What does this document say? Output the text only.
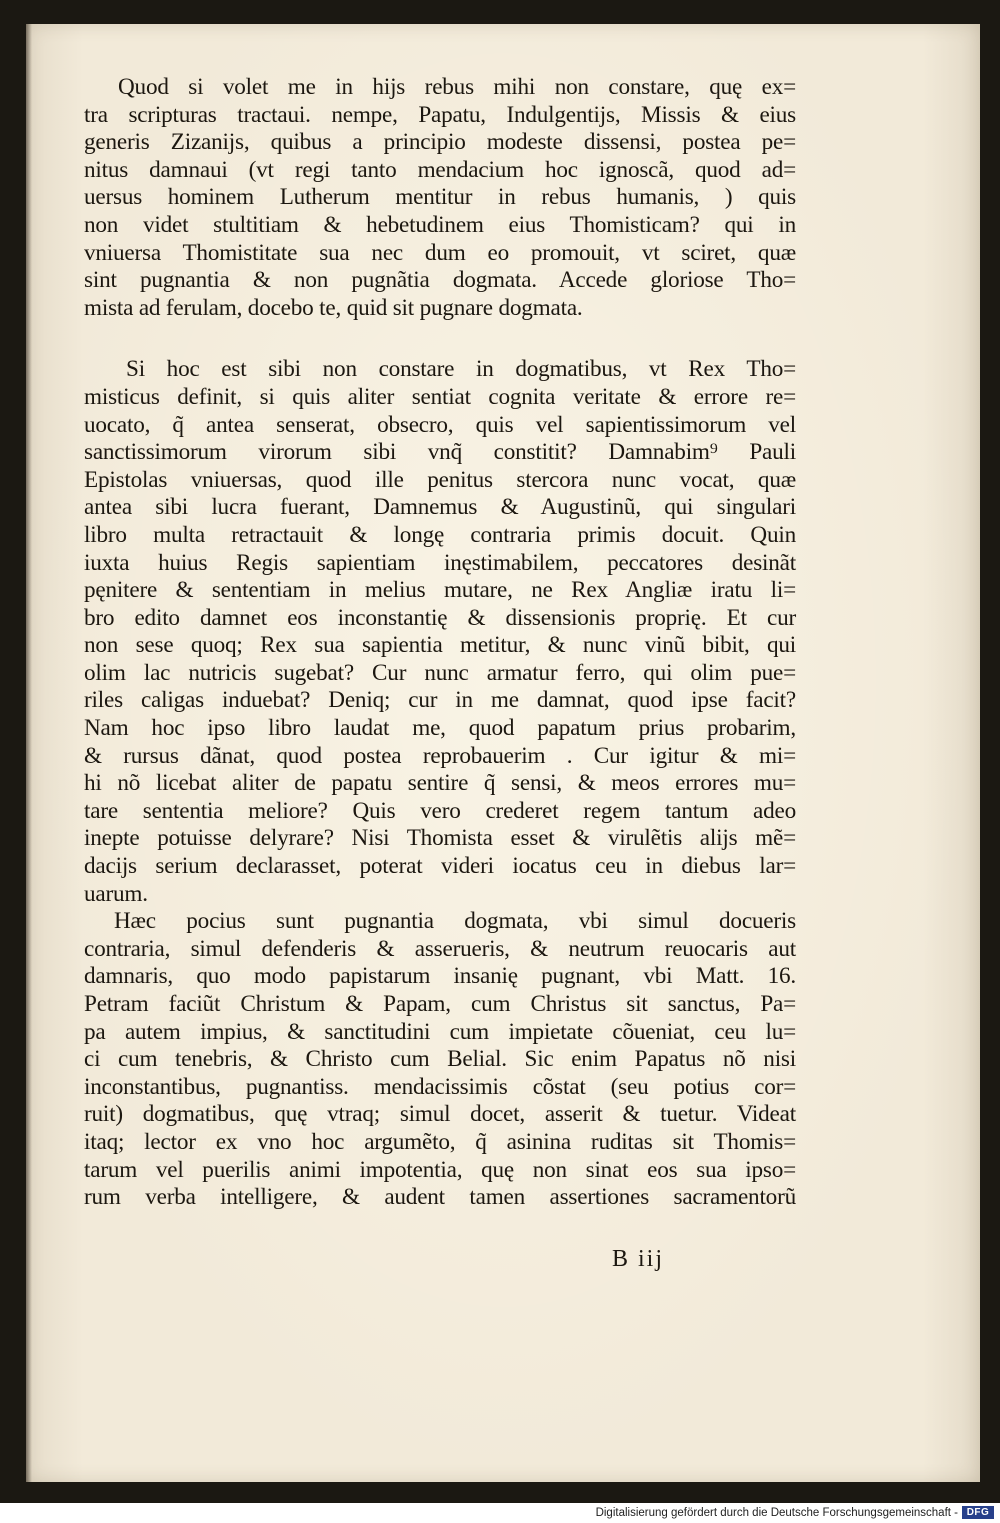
Quod si volet me in hijs rebus mihi non constare, quę ex=
tra scripturas tractaui. nempe, Papatu, Indulgentijs, Missis & eius
generis Zizanijs, quibus a principio modeste dissensi, postea pe=
nitus damnaui (vt regi tanto mendacium hoc ignoscã, quod ad=
uersus hominem Lutherum mentitur in rebus humanis, ) quis
non videt stultitiam & hebetudinem eius Thomisticam? qui in
vniuersa Thomistitate sua nec dum eo promouit, vt sciret, quæ
sint pugnantia & non pugnãtia dogmata. Accede gloriose Tho=
mista ad ferulam, docebo te, quid sit pugnare dogmata.
Si hoc est sibi non constare in dogmatibus, vt Rex Tho=
misticus definit, si quis aliter sentiat cognita veritate & errore re=
uocato, q̃ antea senserat, obsecro, quis vel sapientissimorum vel
sanctissimorum virorum sibi vnq̃ constitit? Damnabim⁹ Pauli
Epistolas vniuersas, quod ille penitus stercora nunc vocat, quæ
antea sibi lucra fuerant, Damnemus & Augustinũ, qui singulari
libro multa retractauit & longę contraria primis docuit. Quin
iuxta huius Regis sapientiam inęstimabilem, peccatores desinãt
pęnitere & sententiam in melius mutare, ne Rex Angliæ iratu li=
bro edito damnet eos inconstantię & dissensionis proprię. Et cur
non sese quoq; Rex sua sapientia metitur, & nunc vinũ bibit, qui
olim lac nutricis sugebat? Cur nunc armatur ferro, qui olim pue=
riles caligas induebat? Deniq; cur in me damnat, quod ipse facit?
Nam hoc ipso libro laudat me, quod papatum prius probarim,
& rursus dãnat, quod postea reprobauerim . Cur igitur & mi=
hi nõ licebat aliter de papatu sentire q̃ sensi, & meos errores mu=
tare sententia meliore? Quis vero crederet regem tantum adeo
inepte potuisse delyrare? Nisi Thomista esset & virulẽtis alijs mẽ=
dacijs serium declarasset, poterat videri iocatus ceu in diebus lar=
uarum.
Hæc pocius sunt pugnantia dogmata, vbi simul docueris
contraria, simul defenderis & asserueris, & neutrum reuocaris aut
damnaris, quo modo papistarum insanię pugnant, vbi Matt. 16.
Petram faciũt Christum & Papam, cum Christus sit sanctus, Pa=
pa autem impius, & sanctitudini cum impietate cõueniat, ceu lu=
ci cum tenebris, & Christo cum Belial. Sic enim Papatus nõ nisi
inconstantibus, pugnantiss. mendacissimis cõstat (seu potius cor=
ruit) dogmatibus, quę vtraq; simul docet, asserit & tuetur. Videat
itaq; lector ex vno hoc argumẽto, q̃ asinina ruditas sit Thomis=
tarum vel puerilis animi impotentia, quę non sinat eos sua ipso=
rum verba intelligere, & audent tamen assertiones sacramentorũ
B iij
Digitalisierung gefördert durch die Deutsche Forschungsgemeinschaft - DFG
